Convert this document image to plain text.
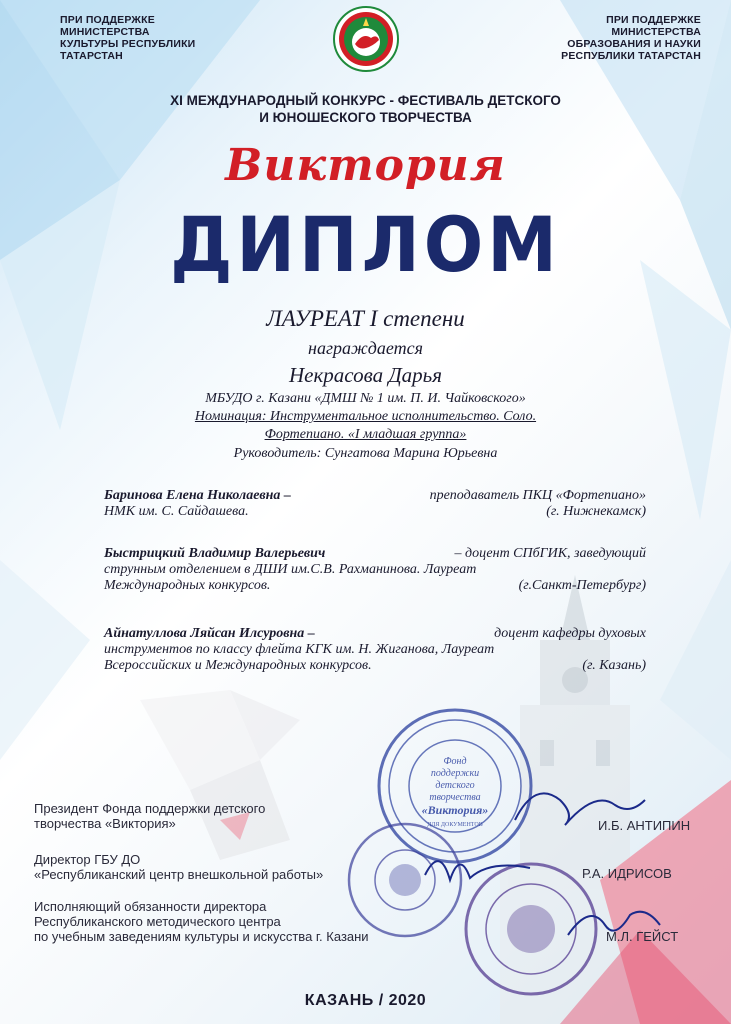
ПРИ ПОДДЕРЖКЕ
МИНИСТЕРСТВА
КУЛЬТУРЫ РЕСПУБЛИКИ
ТАТАРСТАН
ПРИ ПОДДЕРЖКЕ
МИНИСТЕРСТВА
ОБРАЗОВАНИЯ И НАУКИ
РЕСПУБЛИКИ ТАТАРСТАН
XI МЕЖДУНАРОДНЫЙ КОНКУРС - ФЕСТИВАЛЬ ДЕТСКОГО
И ЮНОШЕСКОГО ТВОРЧЕСТВА
Виктория
ДИПЛОМ
ЛАУРЕАТ I степени
награждается
Некрасова Дарья
МБУДО г. Казани «ДМШ № 1 им. П. И. Чайковского»
Номинация: Инструментальное исполнительство. Соло.
Фортепиано. «I младшая группа»
Руководитель: Сунгатова Марина Юрьевна
Баринова Елена Николаевна –	преподаватель ПКЦ «Фортепиано»
НМК им. С. Сайдашева.	(г. Нижнекамск)
Быстрицкий Владимир Валерьевич	– доцент СПбГИК, заведующий
струнным отделением в ДШИ им.С.В. Рахманинова. Лауреат
Международных конкурсов.	(г.Санкт-Петербург)
Айнатуллова Ляйсан Илсуровна –	доцент кафедры духовых
инструментов по классу флейта КГК им. Н. Жиганова, Лауреат
Всероссийских и Международных конкурсов.	(г. Казань)
Фонд
поддержки
детского
творчества
«Виктория»
ДЛЯ ДОКУМЕНТОВ
Президент Фонда поддержки детского
творчества «Виктория»	И.Б. АНТИПИН
Директор ГБУ ДО
«Республиканский центр внешкольной работы»	Р.А. ИДРИСОВ
Исполняющий обязанности директора
Республиканского методического центра
по учебным заведениям культуры и искусства г. Казани	М.Л. ГЕЙСТ
КАЗАНЬ / 2020
